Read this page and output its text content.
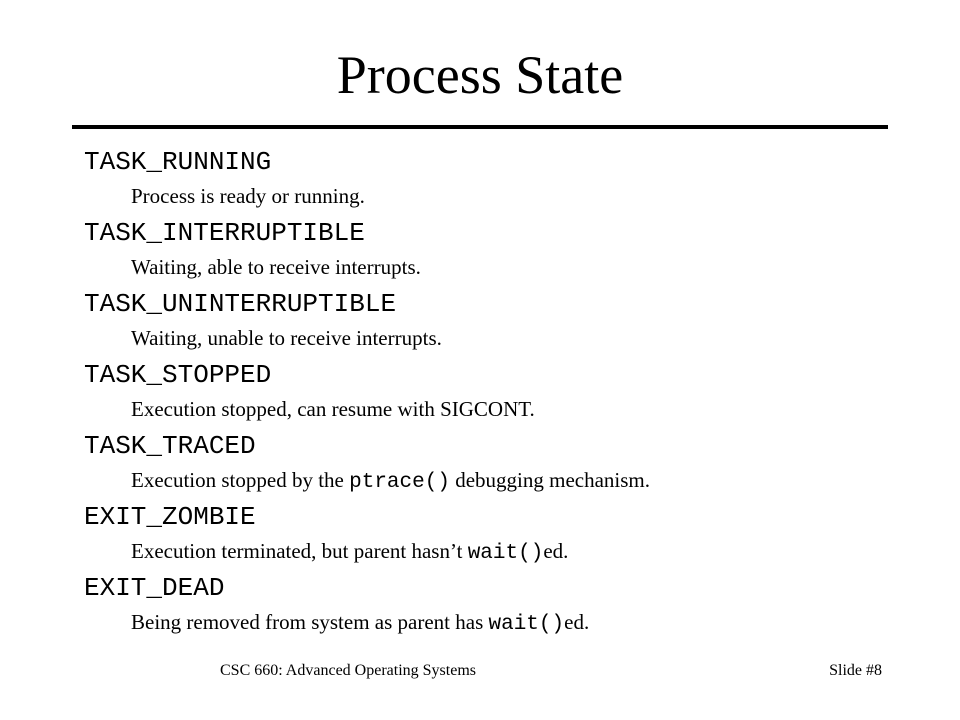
Process State
TASK_RUNNING
Process is ready or running.
TASK_INTERRUPTIBLE
Waiting, able to receive interrupts.
TASK_UNINTERRUPTIBLE
Waiting, unable to receive interrupts.
TASK_STOPPED
Execution stopped, can resume with SIGCONT.
TASK_TRACED
Execution stopped by the ptrace() debugging mechanism.
EXIT_ZOMBIE
Execution terminated, but parent hasn’t wait()ed.
EXIT_DEAD
Being removed from system as parent has wait()ed.
CSC 660: Advanced Operating Systems	Slide #8
